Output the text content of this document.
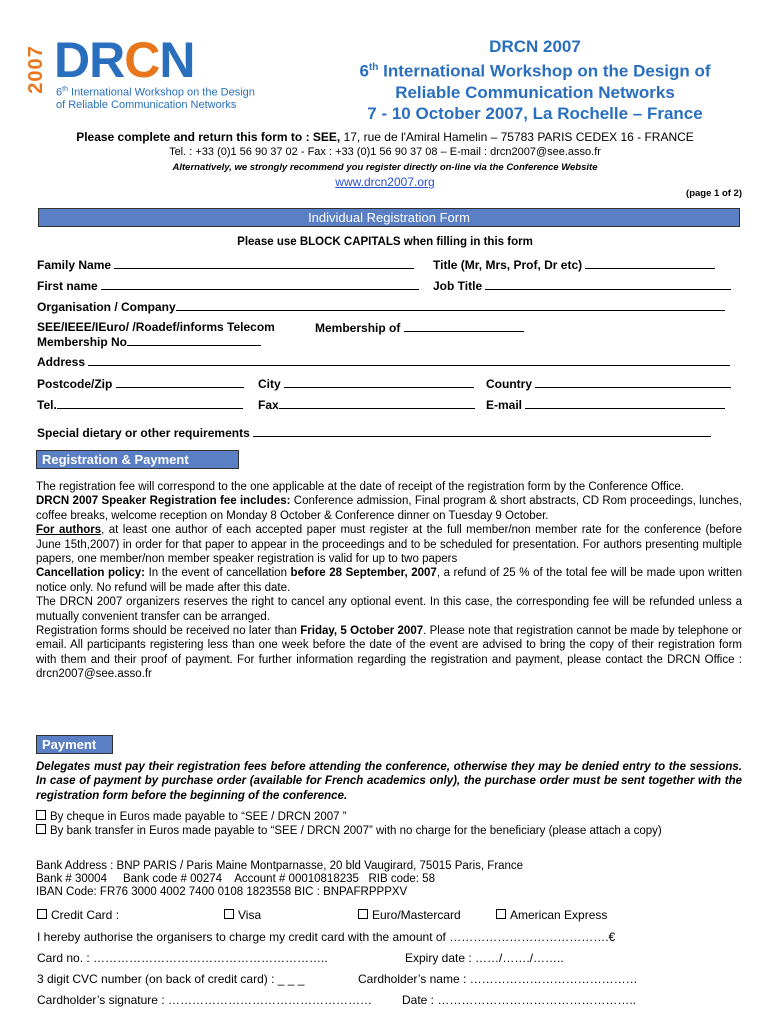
2007 DRCN
6th International Workshop on the Design
of Reliable Communication Networks
DRCN 2007
6th International Workshop on the Design of
Reliable Communication Networks
7 - 10 October 2007, La Rochelle – France
Please complete and return this form to : SEE, 17, rue de l'Amiral Hamelin – 75783 PARIS CEDEX 16 - FRANCE
Tel. : +33 (0)1 56 90 37 02 - Fax : +33 (0)1 56 90 37 08 – E-mail : drcn2007@see.asso.fr
Alternatively, we strongly recommend you register directly on-line via the Conference Website
www.drcn2007.org
(page 1 of 2)
Individual Registration Form
Please use BLOCK CAPITALS when filling in this form
Family Name	Title (Mr, Mrs, Prof, Dr etc)
First name	Job Title
Organisation / Company
SEE/IEEE/IEuro/ /Roadef/informs Telecom	Membership of
Membership No
Address
Postcode/Zip	City	Country
Tel.	Fax	E-mail
Special dietary or other requirements
Registration & Payment

The registration fee will correspond to the one applicable at the date of receipt of the registration form by the Conference Office.

DRCN 2007 Speaker Registration fee includes: Conference admission, Final program & short abstracts, CD Rom proceedings, lunches, coffee breaks, welcome reception on Monday 8 October & Conference dinner on Tuesday 9 October.

For authors, at least one author of each accepted paper must register at the full member/non member rate for the conference (before June 15th,2007) in order for that paper to appear in the proceedings and to be scheduled for presentation. For authors presenting multiple papers, one member/non member speaker registration is valid for up to two papers

Cancellation policy: In the event of cancellation before 28 September, 2007, a refund of 25 % of the total fee will be made upon written notice only. No refund will be made after this date.

The DRCN 2007 organizers reserves the right to cancel any optional event. In this case, the corresponding fee will be refunded unless a mutually convenient transfer can be arranged.

Registration forms should be received no later than Friday, 5 October 2007. Please note that registration cannot be made by telephone or email. All participants registering less than one week before the date of the event are advised to bring the copy of their registration form with them and their proof of payment. For further information regarding the registration and payment, please contact the DRCN Office : drcn2007@see.asso.fr

Payment
Delegates must pay their registration fees before attending the conference, otherwise they may be denied entry to the sessions. In case of payment by purchase order (available for French academics only), the purchase order must be sent together with the registration form before the beginning of the conference.
By cheque in Euros made payable to “SEE / DRCN 2007 ”
By bank transfer in Euros made payable to “SEE / DRCN 2007” with no charge for the beneficiary (please attach a copy)
Bank Address : BNP PARIS / Paris Maine Montparnasse, 20 bld Vaugirard, 75015 Paris, France
Bank # 30004     Bank code # 00274    Account # 00010818235   RIB code: 58
IBAN Code: FR76 3000 4002 7400 0108 1823558 BIC : BNPAFRPPPXV
Credit Card :	Visa	Euro/Mastercard	American Express
I hereby authorise the organisers to charge my credit card with the amount of ………………………………….€
Card no. : …………………………………………………..	Expiry date : ……/……./……..
3 digit CVC number (on back of credit card) : _ _ _	Cardholder’s name : ……………………………………
Cardholder’s signature : ……………………………………………	Date : …………………………………………..
